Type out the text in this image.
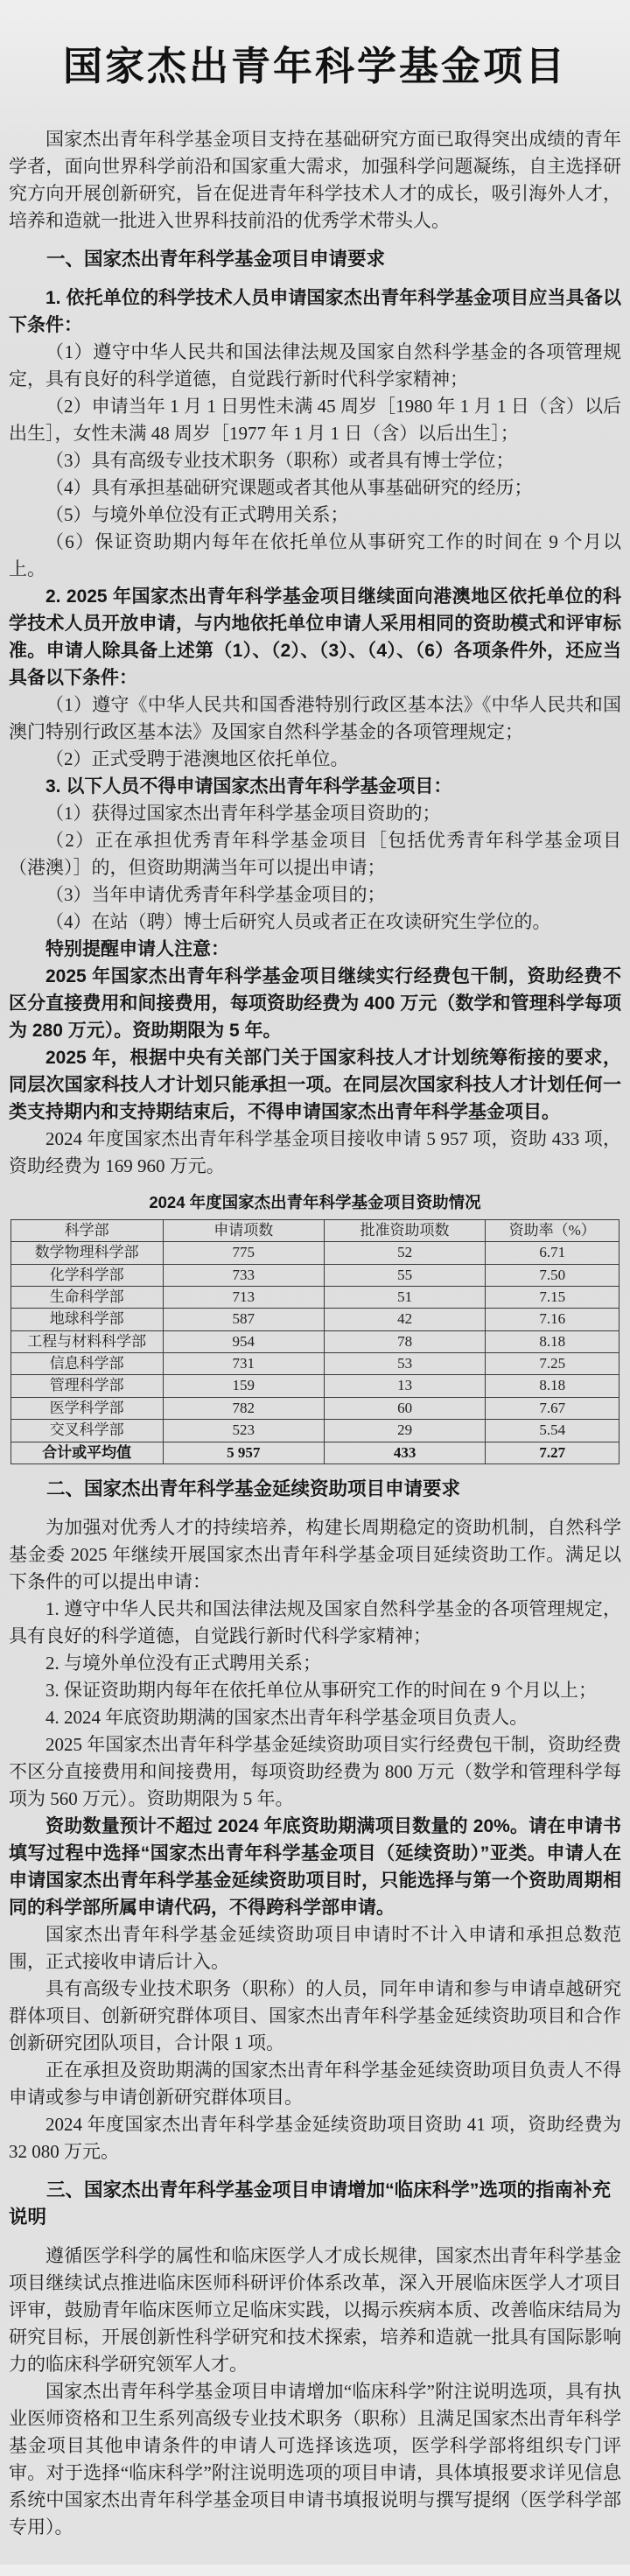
国家杰出青年科学基金项目

国家杰出青年科学基金项目支持在基础研究方面已取得突出成绩的青年学者，面向世界科学前沿和国家重大需求，加强科学问题凝练，自主选择研究方向开展创新研究，旨在促进青年科学技术人才的成长，吸引海外人才，培养和造就一批进入世界科技前沿的优秀学术带头人。

一、国家杰出青年科学基金项目申请要求

1. 依托单位的科学技术人员申请国家杰出青年科学基金项目应当具备以下条件：

（1）遵守中华人民共和国法律法规及国家自然科学基金的各项管理规定，具有良好的科学道德，自觉践行新时代科学家精神；

（2）申请当年 1 月 1 日男性未满 45 周岁［1980 年 1 月 1 日（含）以后出生］，女性未满 48 周岁［1977 年 1 月 1 日（含）以后出生］；

（3）具有高级专业技术职务（职称）或者具有博士学位；

（4）具有承担基础研究课题或者其他从事基础研究的经历；

（5）与境外单位没有正式聘用关系；

（6）保证资助期内每年在依托单位从事研究工作的时间在 9 个月以上。

2. 2025 年国家杰出青年科学基金项目继续面向港澳地区依托单位的科学技术人员开放申请，与内地依托单位申请人采用相同的资助模式和评审标准。申请人除具备上述第（1）、（2）、（3）、（4）、（6）各项条件外，还应当具备以下条件：

（1）遵守《中华人民共和国香港特别行政区基本法》《中华人民共和国澳门特别行政区基本法》及国家自然科学基金的各项管理规定；

（2）正式受聘于港澳地区依托单位。

3. 以下人员不得申请国家杰出青年科学基金项目：

（1）获得过国家杰出青年科学基金项目资助的；

（2）正在承担优秀青年科学基金项目［包括优秀青年科学基金项目（港澳）］的，但资助期满当年可以提出申请；

（3）当年申请优秀青年科学基金项目的；

（4）在站（聘）博士后研究人员或者正在攻读研究生学位的。

特别提醒申请人注意：

2025 年国家杰出青年科学基金项目继续实行经费包干制，资助经费不区分直接费用和间接费用，每项资助经费为 400 万元（数学和管理科学每项为 280 万元）。资助期限为 5 年。

2025 年，根据中央有关部门关于国家科技人才计划统筹衔接的要求，同层次国家科技人才计划只能承担一项。在同层次国家科技人才计划任何一类支持期内和支持期结束后，不得申请国家杰出青年科学基金项目。

2024 年度国家杰出青年科学基金项目接收申请 5 957 项，资助 433 项，资助经费为 169 960 万元。

2024 年度国家杰出青年科学基金项目资助情况
科学部	申请项数	批准资助项数	资助率（%）
数学物理科学部	775	52	6.71
化学科学部	733	55	7.50
生命科学部	713	51	7.15
地球科学部	587	42	7.16
工程与材料科学部	954	78	8.18
信息科学部	731	53	7.25
管理科学部	159	13	8.18
医学科学部	782	60	7.67
交叉科学部	523	29	5.54
合计或平均值	5 957	433	7.27
二、国家杰出青年科学基金延续资助项目申请要求

为加强对优秀人才的持续培养，构建长周期稳定的资助机制，自然科学基金委 2025 年继续开展国家杰出青年科学基金项目延续资助工作。满足以下条件的可以提出申请：

1. 遵守中华人民共和国法律法规及国家自然科学基金的各项管理规定，具有良好的科学道德，自觉践行新时代科学家精神；

2. 与境外单位没有正式聘用关系；

3. 保证资助期内每年在依托单位从事研究工作的时间在 9 个月以上；

4. 2024 年底资助期满的国家杰出青年科学基金项目负责人。

2025 年国家杰出青年科学基金延续资助项目实行经费包干制，资助经费不区分直接费用和间接费用，每项资助经费为 800 万元（数学和管理科学每项为 560 万元）。资助期限为 5 年。

资助数量预计不超过 2024 年底资助期满项目数量的 20%。请在申请书填写过程中选择“国家杰出青年科学基金项目（延续资助）”亚类。申请人在申请国家杰出青年科学基金延续资助项目时，只能选择与第一个资助周期相同的科学部所属申请代码，不得跨科学部申请。

国家杰出青年科学基金延续资助项目申请时不计入申请和承担总数范围，正式接收申请后计入。

具有高级专业技术职务（职称）的人员，同年申请和参与申请卓越研究群体项目、创新研究群体项目、国家杰出青年科学基金延续资助项目和合作创新研究团队项目，合计限 1 项。

正在承担及资助期满的国家杰出青年科学基金延续资助项目负责人不得申请或参与申请创新研究群体项目。

2024 年度国家杰出青年科学基金延续资助项目资助 41 项，资助经费为 32 080 万元。

三、国家杰出青年科学基金项目申请增加“临床科学”选项的指南补充说明

遵循医学科学的属性和临床医学人才成长规律，国家杰出青年科学基金项目继续试点推进临床医师科研评价体系改革，深入开展临床医学人才项目评审，鼓励青年临床医师立足临床实践，以揭示疾病本质、改善临床结局为研究目标，开展创新性科学研究和技术探索，培养和造就一批具有国际影响力的临床科学研究领军人才。

国家杰出青年科学基金项目申请增加“临床科学”附注说明选项，具有执业医师资格和卫生系列高级专业技术职务（职称）且满足国家杰出青年科学基金项目其他申请条件的申请人可选择该选项，医学科学部将组织专门评审。对于选择“临床科学”附注说明选项的项目申请，具体填报要求详见信息系统中国家杰出青年科学基金项目申请书填报说明与撰写提纲（医学科学部专用）。
